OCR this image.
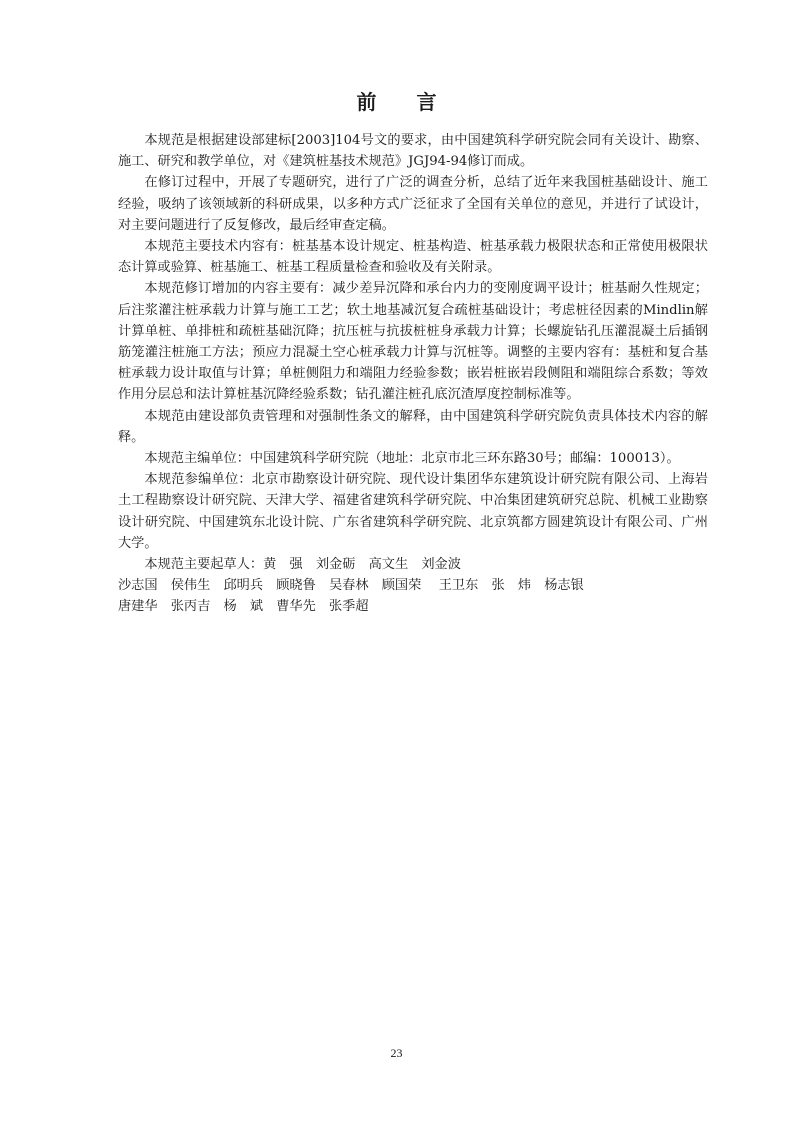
前 言

本规范是根据建设部建标[2003]104号文的要求，由中国建筑科学研究院会同有关设计、勘察、施工、研究和教学单位，对《建筑桩基技术规范》JGJ94-94修订而成。

在修订过程中，开展了专题研究，进行了广泛的调查分析，总结了近年来我国桩基础设计、施工经验，吸纳了该领域新的科研成果，以多种方式广泛征求了全国有关单位的意见，并进行了试设计，对主要问题进行了反复修改，最后经审查定稿。

本规范主要技术内容有：桩基基本设计规定、桩基构造、桩基承载力极限状态和正常使用极限状态计算或验算、桩基施工、桩基工程质量检查和验收及有关附录。

本规范修订增加的内容主要有：减少差异沉降和承台内力的变刚度调平设计；桩基耐久性规定；后注浆灌注桩承载力计算与施工工艺；软土地基减沉复合疏桩基础设计；考虑桩径因素的Mindlin解计算单桩、单排桩和疏桩基础沉降；抗压桩与抗拔桩桩身承载力计算；长螺旋钻孔压灌混凝土后插钢筋笼灌注桩施工方法；预应力混凝土空心桩承载力计算与沉桩等。调整的主要内容有：基桩和复合基桩承载力设计取值与计算；单桩侧阻力和端阻力经验参数；嵌岩桩嵌岩段侧阻和端阻综合系数；等效作用分层总和法计算桩基沉降经验系数；钻孔灌注桩孔底沉渣厚度控制标准等。

本规范由建设部负责管理和对强制性条文的解释，由中国建筑科学研究院负责具体技术内容的解释。

本规范主编单位：中国建筑科学研究院（地址：北京市北三环东路30号；邮编：100013）。

本规范参编单位：北京市勘察设计研究院、现代设计集团华东建筑设计研究院有限公司、上海岩土工程勘察设计研究院、天津大学、福建省建筑科学研究院、中冶集团建筑研究总院、机械工业勘察设计研究院、中国建筑东北设计院、广东省建筑科学研究院、北京筑都方圆建筑设计有限公司、广州大学。

本规范主要起草人：黄　强　刘金砺　高文生　刘金波
沙志国　侯伟生　邱明兵　顾晓鲁　吴春林　顾国荣　 王卫东　张　炜　杨志银
唐建华　张丙吉　杨　斌　曹华先　张季超
23
